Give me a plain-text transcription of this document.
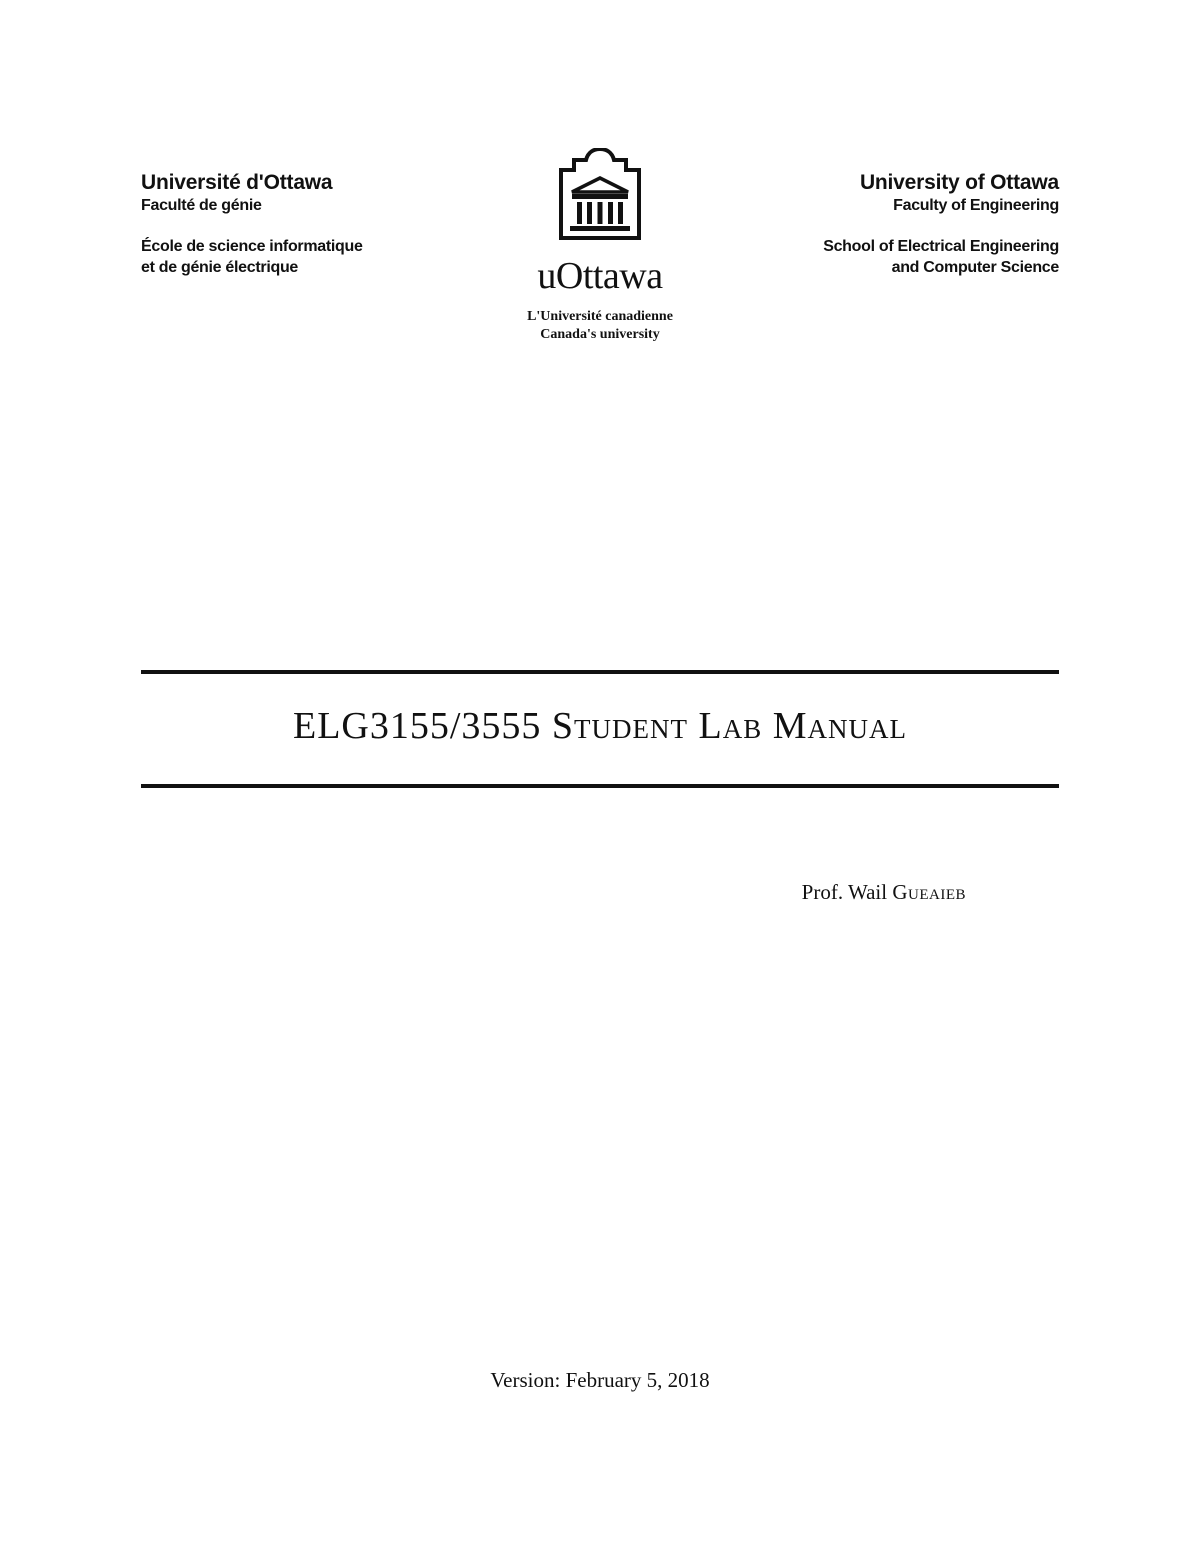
Université d'Ottawa
Faculté de génie
École de science informatique
et de génie électrique	uOttawa
L'Université canadienne
Canada's university
University of Ottawa
Faculty of Engineering
School of Electrical Engineering
and Computer Science
ELG3155/3555 Student Lab Manual
Prof. Wail Gueaieb
Version: February 5, 2018
